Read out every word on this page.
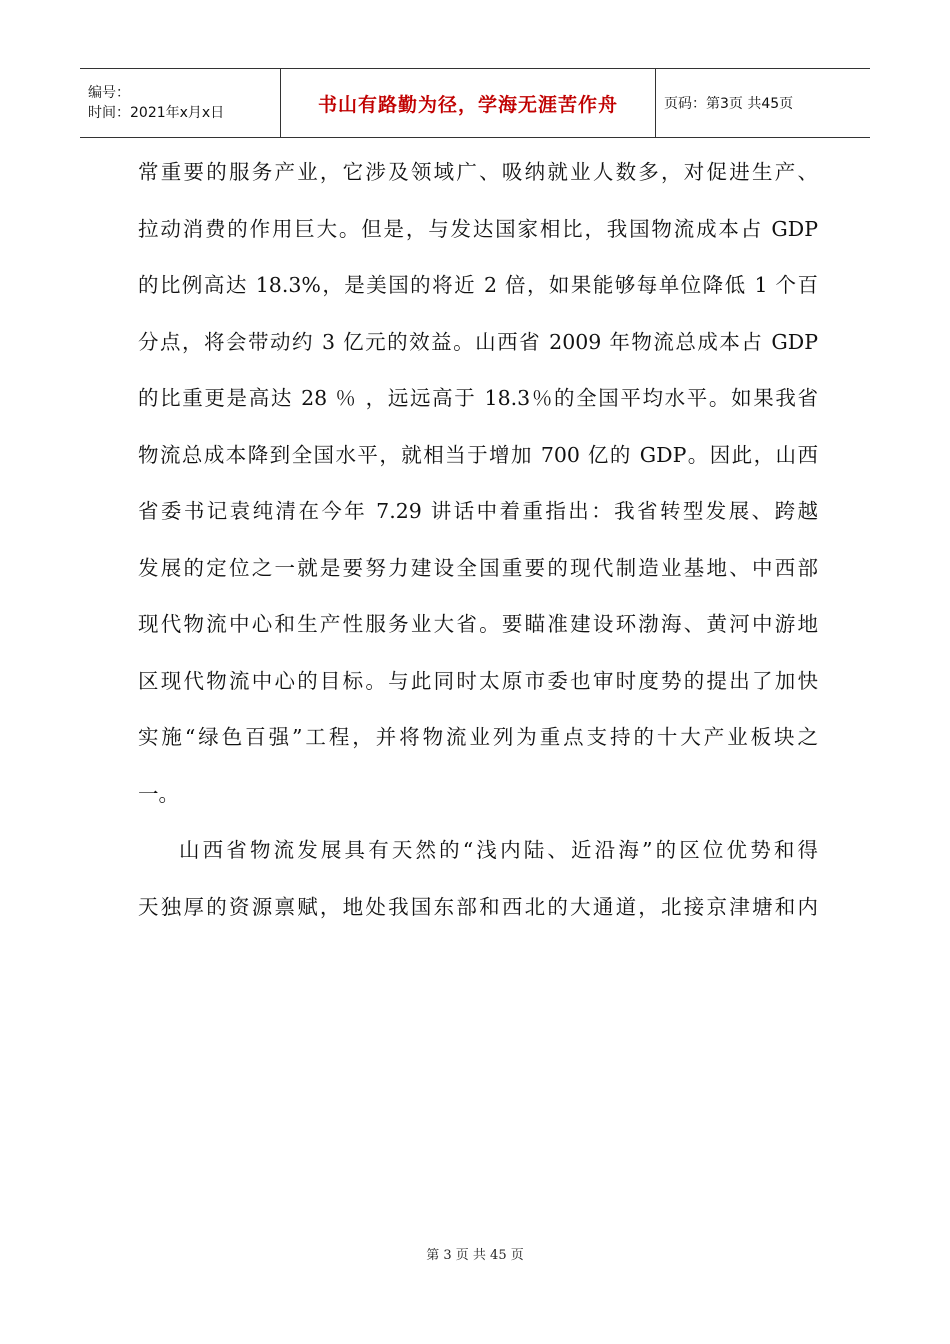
编号：
时间：2021年x月x日	书山有路勤为径，学海无涯苦作舟	页码：第3页 共45页
常重要的服务产业，它涉及领域广、吸纳就业人数多，对促进生产、
拉动消费的作用巨大。但是，与发达国家相比，我国物流成本占 GDP
的比例高达 18.3%，是美国的将近 2 倍，如果能够每单位降低 1 个百
分点，将会带动约 3 亿元的效益。山西省 2009 年物流总成本占 GDP
的比重更是高达 28 ％ ，远远高于 18.3％的全国平均水平。如果我省
物流总成本降到全国水平，就相当于增加 700 亿的 GDP。因此，山西
省委书记袁纯清在今年 7.29 讲话中着重指出：我省转型发展、跨越
发展的定位之一就是要努力建设全国重要的现代制造业基地、中西部
现代物流中心和生产性服务业大省。要瞄准建设环渤海、黄河中游地
区现代物流中心的目标。与此同时太原市委也审时度势的提出了加快
实施“绿色百强”工程，并将物流业列为重点支持的十大产业板块之
一。
山西省物流发展具有天然的“浅内陆、近沿海”的区位优势和得
天独厚的资源禀赋，地处我国东部和西北的大通道，北接京津塘和内
第 3 页 共 45 页
